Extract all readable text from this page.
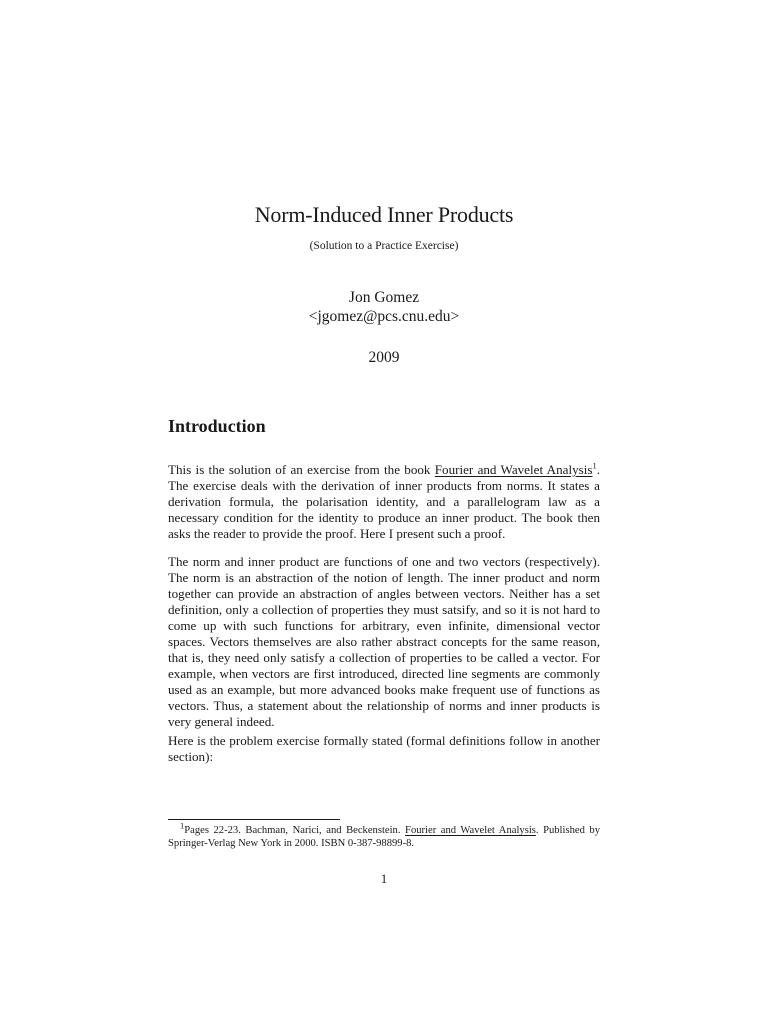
Norm-Induced Inner Products
(Solution to a Practice Exercise)
Jon Gomez
<jgomez@pcs.cnu.edu>
2009
Introduction
This is the solution of an exercise from the book Fourier and Wavelet Analysis$^1$. The exercise deals with the derivation of inner products from norms. It states a derivation formula, the polarisation identity, and a parallelogram law as a necessary condition for the identity to produce an inner product. The book then asks the reader to provide the proof. Here I present such a proof.
The norm and inner product are functions of one and two vectors (respectively). The norm is an abstraction of the notion of length. The inner product and norm together can provide an abstraction of angles between vectors. Neither has a set definition, only a collection of properties they must satsify, and so it is not hard to come up with such functions for arbitrary, even infinite, dimensional vector spaces. Vectors themselves are also rather abstract concepts for the same reason, that is, they need only satisfy a collection of properties to be called a vector. For example, when vectors are first introduced, directed line segments are commonly used as an example, but more advanced books make frequent use of functions as vectors. Thus, a statement about the relationship of norms and inner products is very general indeed.
Here is the problem exercise formally stated (formal definitions follow in another section):
$^1$Pages 22-23. Bachman, Narici, and Beckenstein. Fourier and Wavelet Analysis. Published by Springer-Verlag New York in 2000. ISBN 0-387-98899-8.
1
